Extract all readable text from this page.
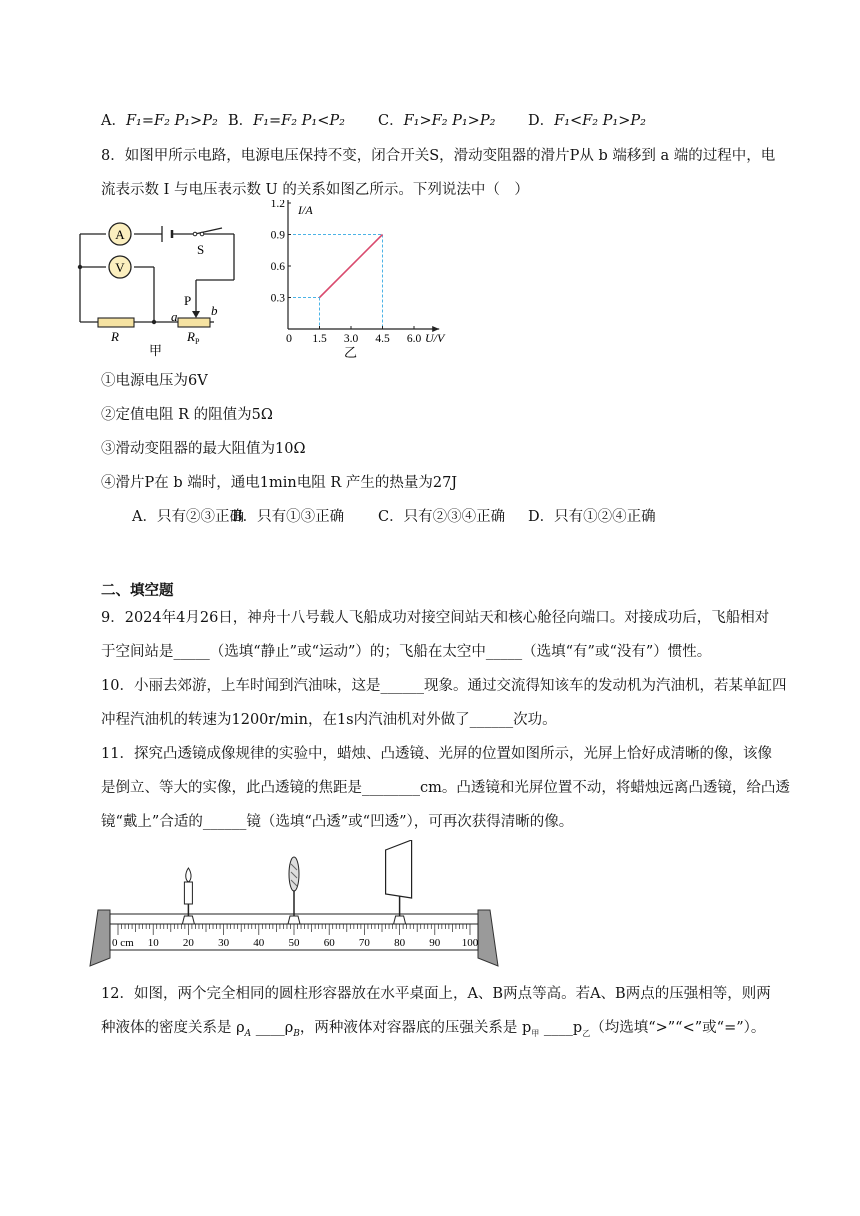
A．F₁=F₂ P₁>P₂ B．F₁=F₂ P₁<P₂ C．F₁>F₂ P₁>P₂ D．F₁<F₂ P₁>P₂
8．如图甲所示电路，电源电压保持不变，闭合开关S，滑动变阻器的滑片P从 b 端移到 a 端的过程中，电
流表示数 I 与电压表示数 U 的关系如图乙所示。下列说法中（　）
A
V
S
P
a	b
R	$R_P$
甲
1.5 3.0 4.5 6.0
0.3
0.6
0.9
1.2 I/A
U/V
0
乙
①电源电压为6V
②定值电阻 R 的阻值为5Ω
③滑动变阻器的最大阻值为10Ω
④滑片P在 b 端时，通电1min电阻 R 产生的热量为27J
A．只有②③正确
B．只有①③正确 C．只有②③④正确 D．只有①②④正确
二、填空题
9．2024年4月26日，神舟十八号载人飞船成功对接空间站天和核心舱径向端口。对接成功后，飞船相对
于空间站是_____（选填“静止”或“运动”）的；飞船在太空中_____（选填“有”或“没有”）惯性。
10．小丽去郊游，上车时闻到汽油味，这是______现象。通过交流得知该车的发动机为汽油机，若某单缸四
冲程汽油机的转速为1200r/min，在1s内汽油机对外做了______次功。
11．探究凸透镜成像规律的实验中，蜡烛、凸透镜、光屏的位置如图所示，光屏上恰好成清晰的像，该像
是倒立、等大的实像，此凸透镜的焦距是________cm。凸透镜和光屏位置不动，将蜡烛远离凸透镜，给凸透
镜“戴上”合适的______镜（选填“凸透”或“凹透”），可再次获得清晰的像。
0 cm 10 20 30 40 50 60 70 80 90 100
12．如图，两个完全相同的圆柱形容器放在水平桌面上，A、B两点等高。若A、B两点的压强相等，则两
种液体的密度关系是 $\rho_A$ $\_\_\_\_\rho_B$，两种液体对容器底的压强关系是 $p_甲$ $\_\_\_\_p_乙$（均选填“>”“<”或“=”）。
